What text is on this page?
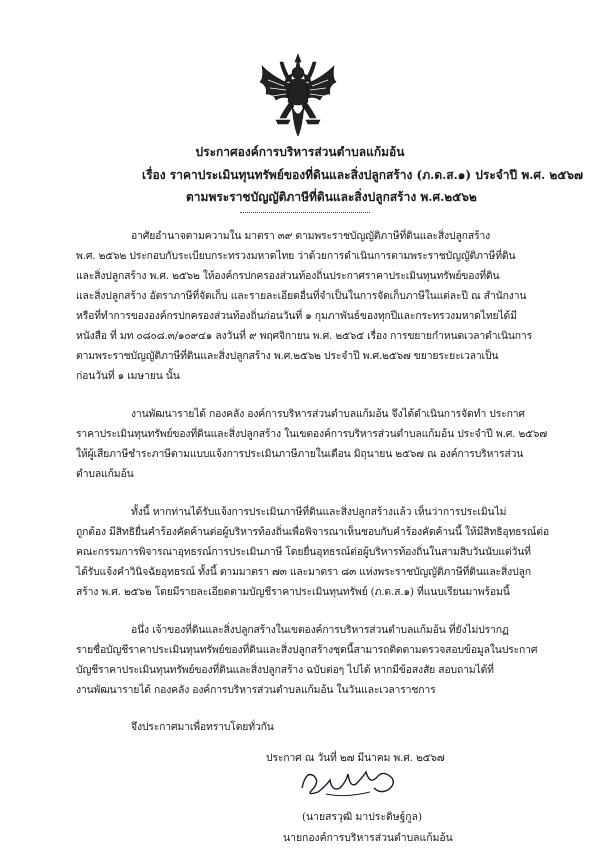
ประกาศองค์การบริหารส่วนตำบลแก้มอ้น
เรื่อง ราคาประเมินทุนทรัพย์ของที่ดินและสิ่งปลูกสร้าง (ภ.ด.ส.๑) ประจำปี พ.ศ. ๒๕๖๗
ตามพระราชบัญญัติภาษีที่ดินและสิ่งปลูกสร้าง พ.ศ.๒๕๖๒
อาศัยอำนาจตามความใน มาตรา ๓๙ ตามพระราชบัญญัติภาษีที่ดินและสิ่งปลูกสร้าง
พ.ศ. ๒๕๖๒ ประกอบกับระเบียบกระทรวงมหาดไทย ว่าด้วยการดำเนินการตามพระราชบัญญัติภาษีที่ดิน
และสิ่งปลูกสร้าง พ.ศ. ๒๕๖๒ ให้องค์กรปกครองส่วนท้องถิ่นประกาศราคาประเมินทุนทรัพย์ของที่ดิน
และสิ่งปลูกสร้าง อัตราภาษีที่จัดเก็บ และรายละเอียดอื่นที่จำเป็นในการจัดเก็บภาษีในแต่ละปี ณ สำนักงาน
หรือที่ทำการขององค์กรปกครองส่วนท้องถิ่นก่อนวันที่ ๑ กุมภาพันธ์ของทุกปีและกระทรวงมหาดไทยได้มี
หนังสือ ที่ มท ๐๘๐๘.๓/๑๐๙๔๑ ลงวันที่ ๙ พฤศจิกายน พ.ศ. ๒๕๖๕ เรื่อง การขยายกำหนดเวลาดำเนินการ
ตามพระราชบัญญัติภาษีที่ดินและสิ่งปลูกสร้าง พ.ศ.๒๕๖๒ ประจำปี พ.ศ.๒๕๖๗ ขยายระยะเวลาเป็น
ก่อนวันที่ ๑ เมษายน นั้น
งานพัฒนารายได้ กองคลัง องค์การบริหารส่วนตำบลแก้มอ้น จึงได้ดำเนินการจัดทำ ประกาศ
ราคาประเมินทุนทรัพย์ของที่ดินและสิ่งปลูกสร้าง ในเขตองค์การบริหารส่วนตำบลแก้มอ้น ประจำปี พ.ศ. ๒๕๖๗
ให้ผู้เสียภาษีชำระภาษีตามแบบแจ้งการประเมินภาษีภายในเดือน มิถุนายน ๒๕๖๗ ณ องค์การบริหารส่วน
ตำบลแก้มอ้น
ทั้งนี้ หากท่านได้รับแจ้งการประเมินภาษีที่ดินและสิ่งปลูกสร้างแล้ว เห็นว่าการประเมินไม่
ถูกต้อง มีสิทธิยื่นคำร้องคัดค้านต่อผู้บริหารท้องถิ่นเพื่อพิจารณาเห็นชอบกับคำร้องคัดค้านนี้ ให้มีสิทธิอุทธรณ์ต่อ
คณะกรรมการพิจารณาอุทธรณ์การประเมินภาษี โดยยื่นอุทธรณ์ต่อผู้บริหารท้องถิ่นในสามสิบวันนับแต่วันที่
ได้รับแจ้งคำวินิจฉัยอุทธรณ์ ทั้งนี้ ตามมาตรา ๗๓ และมาตรา ๘๓ แห่งพระราชบัญญัติภาษีที่ดินและสิ่งปลูก
สร้าง พ.ศ. ๒๕๖๒ โดยมีรายละเอียดตามบัญชีราคาประเมินทุนทรัพย์ (ภ.ด.ส.๑) ที่แนบเรียนมาพร้อมนี้
อนึ่ง เจ้าของที่ดินและสิ่งปลูกสร้างในเขตองค์การบริหารส่วนตำบลแก้มอ้น ที่ยังไม่ปรากฏ
รายชื่อบัญชีราคาประเมินทุนทรัพย์ของที่ดินและสิ่งปลูกสร้างชุดนี้สามารถติดตามตรวจสอบข้อมูลในประกาศ
บัญชีราคาประเมินทุนทรัพย์ของที่ดินและสิ่งปลูกสร้าง ฉบับต่อๆ ไปได้ หากมีข้อสงสัย สอบถามได้ที่
งานพัฒนารายได้ กองคลัง องค์การบริหารส่วนตำบลแก้มอ้น ในวันและเวลาราชการ
จึงประกาศมาเพื่อทราบโดยทั่วกัน
ประกาศ ณ วันที่ ๒๗ มีนาคม พ.ศ. ๒๕๖๗
(นายสรวุฒิ มาประดิษฐ์กูล)
นายกองค์การบริหารส่วนตำบลแก้มอ้น
